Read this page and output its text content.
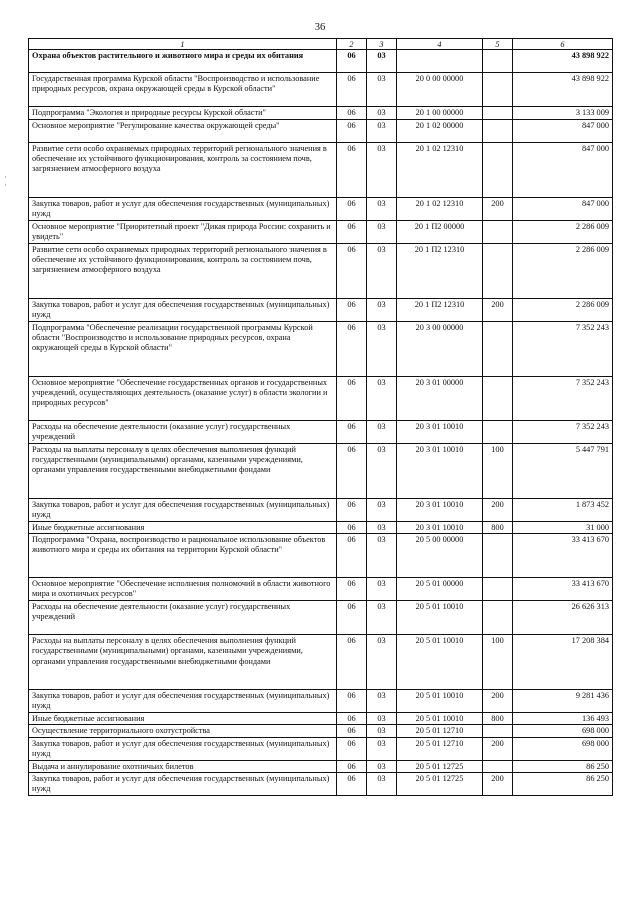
36
·
·
1	2	3	4	5	6
Охрана объектов растительного и животного мира и среды их обитания	06	03			43 898 922
Государственная программа Курской области "Воспроизводство и использование природных ресурсов, охрана окружающей среды в Курской области"	06	03	20 0 00 00000		43 898 922
Подпрограмма "Экология и природные ресурсы Курской области"	06	03	20 1 00 00000		3 133 009
Основное мероприятие "Регулирование качества окружающей среды"	06	03	20 1 02 00000		847 000
Развитие сети особо охраняемых природных территорий регионального значения в обеспечение их устойчивого функционирования, контроль за состоянием почв, загрязнением атмосферного воздуха	06	03	20 1 02 12310		847 000
Закупка товаров, работ и услуг для обеспечения государственных (муниципальных) нужд	06	03	20 1 02 12310	200	847 000
Основное мероприятие "Приоритетный проект "Дикая природа России: сохранить и увидеть"	06	03	20 1 П2 00000		2 286 009
Развитие сети особо охраняемых природных территорий регионального значения в обеспечение их устойчивого функционирования, контроль за состоянием почв, загрязнением атмосферного воздуха	06	03	20 1 П2 12310		2 286 009
Закупка товаров, работ и услуг для обеспечения государственных (муниципальных) нужд	06	03	20 1 П2 12310	200	2 286 009
Подпрограмма "Обеспечение реализации государственной программы Курской области "Воспроизводство и использование природных ресурсов, охрана окружающей среды в Курской области"	06	03	20 3 00 00000		7 352 243
Основное мероприятие "Обеспечение государственных органов и государственных учреждений, осуществляющих деятельность (оказание услуг) в области экологии и природных ресурсов"	06	03	20 3 01 00000		7 352 243
Расходы на обеспечение деятельности (оказание услуг) государственных учреждений	06	03	20 3 01 10010		7 352 243
Расходы на выплаты персоналу в целях обеспечения выполнения функций государственными (муниципальными) органами, казенными учреждениями, органами управления государственными внебюджетными фондами	06	03	20 3 01 10010	100	5 447 791
Закупка товаров, работ и услуг для обеспечения государственных (муниципальных) нужд	06	03	20 3 01 10010	200	1 873 452
Иные бюджетные ассигнования	06	03	20 3 01 10010	800	31 000
Подпрограмма "Охрана, воспроизводство и рациональное использование объектов животного мира и среды их обитания на территории Курской области"	06	03	20 5 00 00000		33 413 670
Основное мероприятие "Обеспечение исполнения полномочий в области животного мира и охотничьих ресурсов"	06	03	20 5 01 00000		33 413 670
Расходы на обеспечение деятельности (оказание услуг) государственных учреждений	06	03	20 5 01 10010		26 626 313
Расходы на выплаты персоналу в целях обеспечения выполнения функций государственными (муниципальными) органами, казенными учреждениями, органами управления государственными внебюджетными фондами	06	03	20 5 01 10010	100	17 208 384
Закупка товаров, работ и услуг для обеспечения государственных (муниципальных) нужд	06	03	20 5 01 10010	200	9 281 436
Иные бюджетные ассигнования	06	03	20 5 01 10010	800	136 493
Осуществление территориального охотустройства	06	03	20 5 01 12710		698 000
Закупка товаров, работ и услуг для обеспечения государственных (муниципальных) нужд	06	03	20 5 01 12710	200	698 000
Выдача и аннулирование охотничьих билетов	06	03	20 5 01 12725		86 250
Закупка товаров, работ и услуг для обеспечения государственных (муниципальных) нужд	06	03	20 5 01 12725	200	86 250
